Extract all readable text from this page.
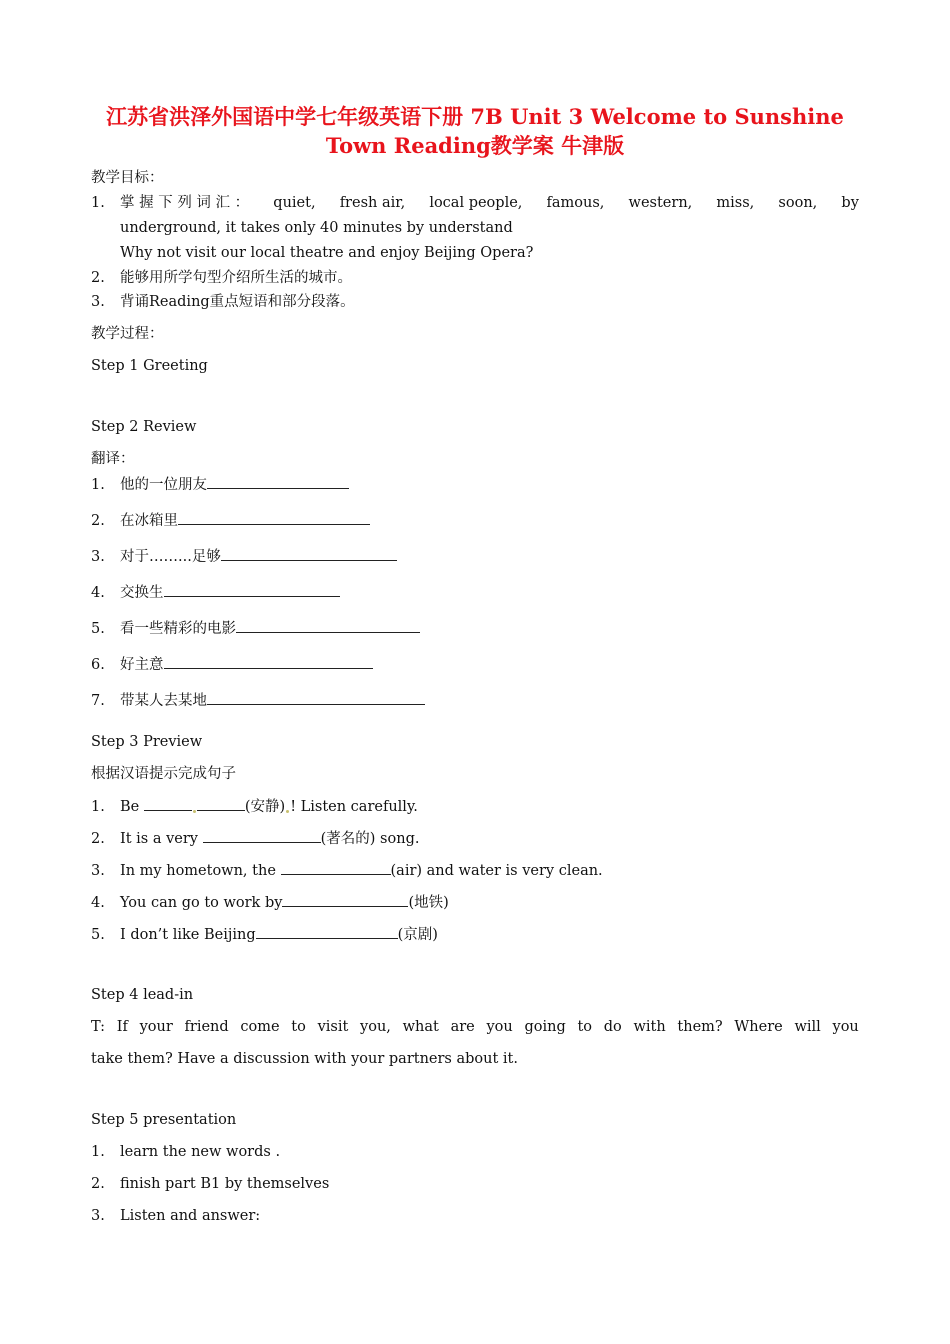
江苏省洪泽外国语中学七年级英语下册 7B Unit 3 Welcome to Sunshine
Town Reading教学案 牛津版
教学目标：
1. 掌 握 下 列 词 汇 ： quiet, fresh air, local people, famous, western, miss, soon, by
underground, it takes only 40 minutes by understand
Why not visit our local theatre and enjoy Beijing Opera?
2. 能够用所学句型介绍所生活的城市。
3. 背诵Reading重点短语和部分段落。
教学过程：
Step 1 Greeting
Step 2 Review
翻译：
1. 他的一位朋友
2. 在冰箱里
3. 对于……...足够
4. 交换生
5. 看一些精彩的电影
6. 好主意
7. 带某人去某地
Step 3 Preview
根据汉语提示完成句子
1. Be	(安静) ! Listen carefully.
2. It is a very	(著名的) song.
3. In my hometown, the	(air) and water is very clean.
4. You can go to work by	(地铁)
5. I don’t like Beijing	(京剧)
Step 4 lead-in
T: If your friend come to visit you, what are you going to do with them? Where will you
take them? Have a discussion with your partners about it.
Step 5 presentation
1. learn the new words .
2. finish part B1 by themselves
3. Listen and answer:
